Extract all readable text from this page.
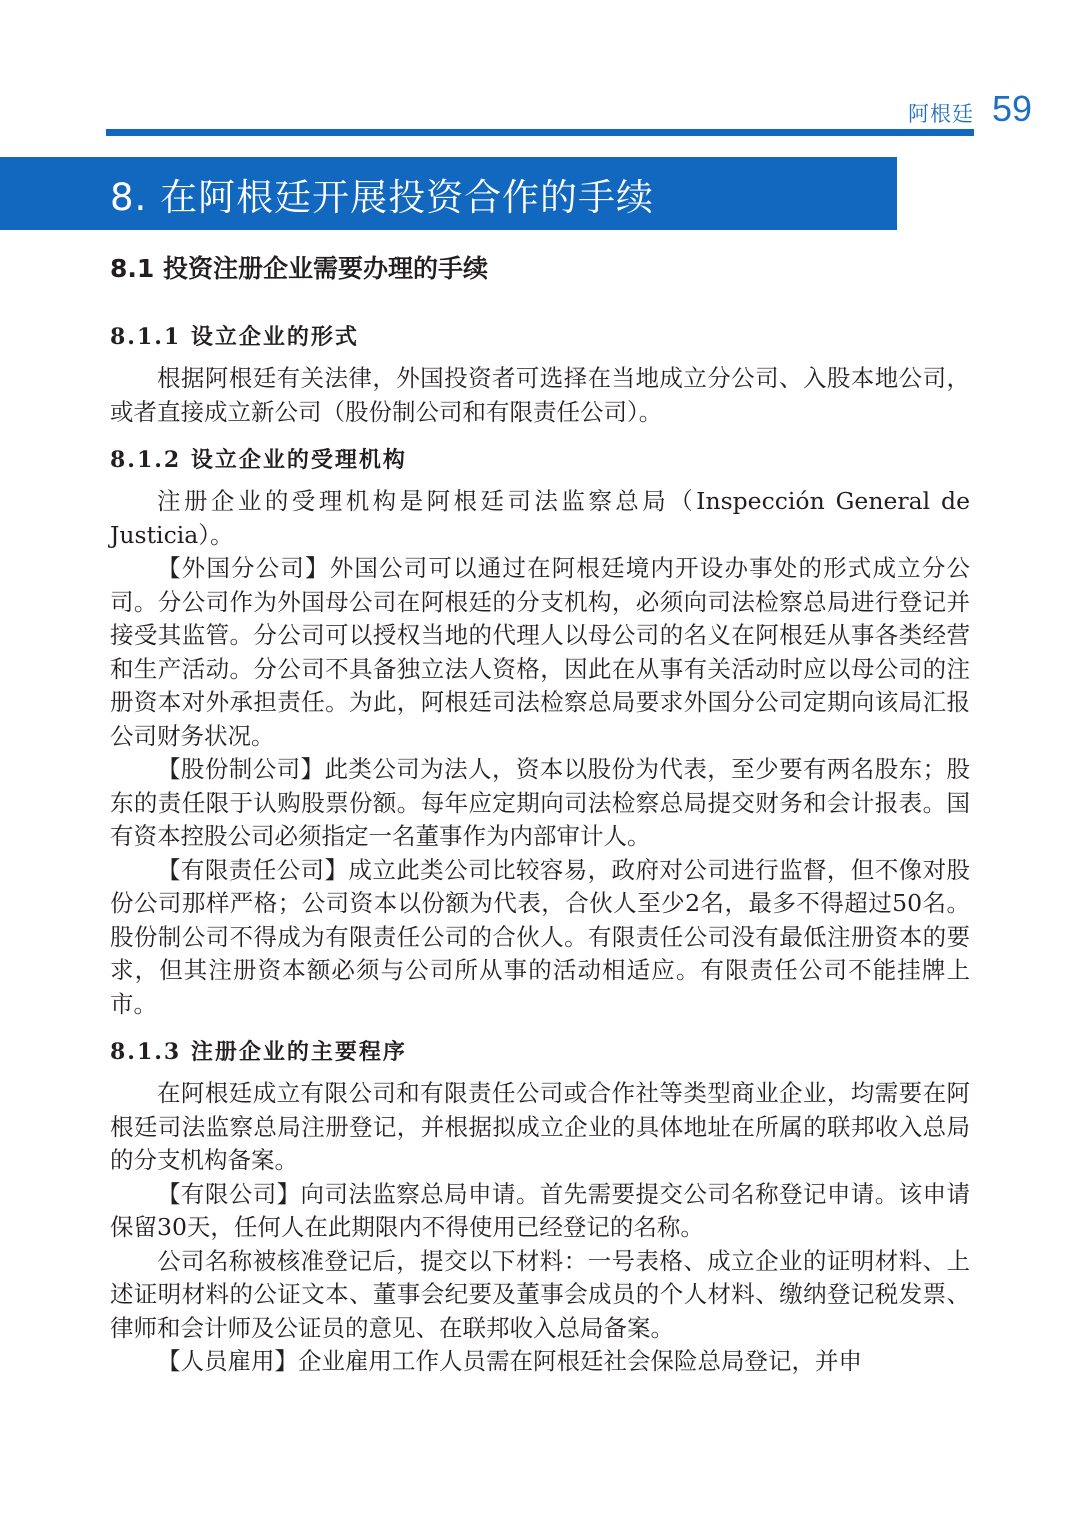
阿根廷 59
8. 在阿根廷开展投资合作的手续
8.1 投资注册企业需要办理的手续
8.1.1 设立企业的形式

根据阿根廷有关法律，外国投资者可选择在当地成立分公司、入股本地公司，或者直接成立新公司（股份制公司和有限责任公司）。

8.1.2 设立企业的受理机构

注册企业的受理机构是阿根廷司法监察总局（Inspección General de Justicia）。

【外国分公司】外国公司可以通过在阿根廷境内开设办事处的形式成立分公司。分公司作为外国母公司在阿根廷的分支机构，必须向司法检察总局进行登记并接受其监管。分公司可以授权当地的代理人以母公司的名义在阿根廷从事各类经营和生产活动。分公司不具备独立法人资格，因此在从事有关活动时应以母公司的注册资本对外承担责任。为此，阿根廷司法检察总局要求外国分公司定期向该局汇报公司财务状况。

【股份制公司】此类公司为法人，资本以股份为代表，至少要有两名股东；股东的责任限于认购股票份额。每年应定期向司法检察总局提交财务和会计报表。国有资本控股公司必须指定一名董事作为内部审计人。

【有限责任公司】成立此类公司比较容易，政府对公司进行监督，但不像对股份公司那样严格；公司资本以份额为代表，合伙人至少2名，最多不得超过50名。股份制公司不得成为有限责任公司的合伙人。有限责任公司没有最低注册资本的要求，但其注册资本额必须与公司所从事的活动相适应。有限责任公司不能挂牌上市。

8.1.3 注册企业的主要程序

在阿根廷成立有限公司和有限责任公司或合作社等类型商业企业，均需要在阿根廷司法监察总局注册登记，并根据拟成立企业的具体地址在所属的联邦收入总局的分支机构备案。

【有限公司】向司法监察总局申请。首先需要提交公司名称登记申请。该申请保留30天，任何人在此期限内不得使用已经登记的名称。

公司名称被核准登记后，提交以下材料：一号表格、成立企业的证明材料、上述证明材料的公证文本、董事会纪要及董事会成员的个人材料、缴纳登记税发票、律师和会计师及公证员的意见、在联邦收入总局备案。

【人员雇用】企业雇用工作人员需在阿根廷社会保险总局登记，并申
